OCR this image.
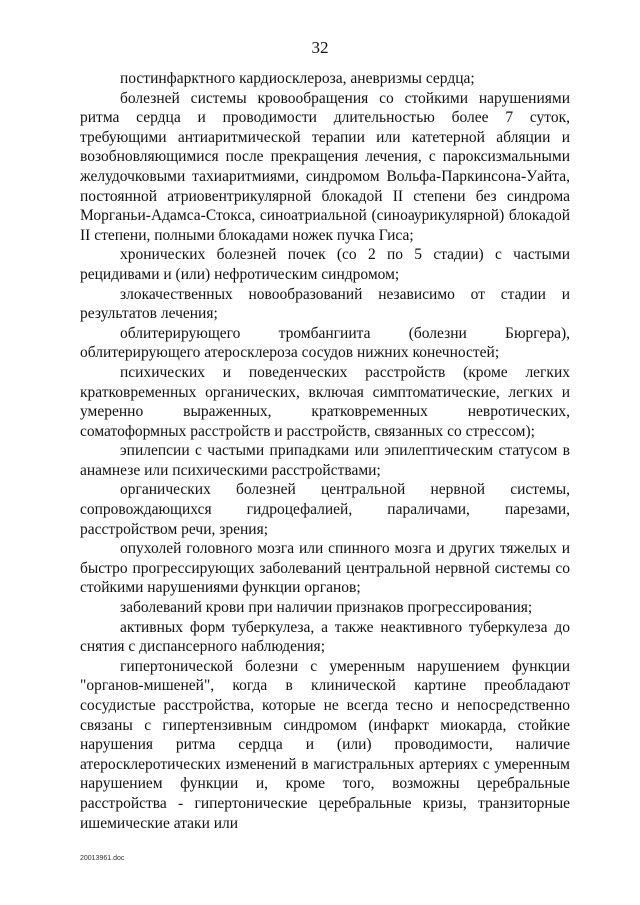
32

постинфарктного кардиосклероза, аневризмы сердца;

болезней системы кровообращения со стойкими нарушениями ритма сердца и проводимости длительностью более 7 суток, требующими антиаритмической терапии или катетерной абляции и возобновляющимися после прекращения лечения, с пароксизмальными желудочковыми тахиаритмиями, синдромом Вольфа-Паркинсона-Уайта, постоянной атриовентрикулярной блокадой II степени без синдрома Морганьи-Адамса-Стокса, синоатриальной (синоаурикулярной) блокадой II степени, полными блокадами ножек пучка Гиса;

хронических болезней почек (со 2 по 5 стадии) с частыми рецидивами и (или) нефротическим синдромом;

злокачественных новообразований независимо от стадии и результатов лечения;

облитерирующего тромбангиита (болезни Бюргера), облитерирующего атеросклероза сосудов нижних конечностей;

психических и поведенческих расстройств (кроме легких кратковременных органических, включая симптоматические, легких и умеренно выраженных, кратковременных невротических, соматоформных расстройств и расстройств, связанных со стрессом);

эпилепсии с частыми припадками или эпилептическим статусом в анамнезе или психическими расстройствами;

органических болезней центральной нервной системы, сопровождающихся гидроцефалией, параличами, парезами, расстройством речи, зрения;

опухолей головного мозга или спинного мозга и других тяжелых и быстро прогрессирующих заболеваний центральной нервной системы со стойкими нарушениями функции органов;

заболеваний крови при наличии признаков прогрессирования;

активных форм туберкулеза, а также неактивного туберкулеза до снятия с диспансерного наблюдения;

гипертонической болезни с умеренным нарушением функции "органов-мишеней", когда в клинической картине преобладают сосудистые расстройства, которые не всегда тесно и непосредственно связаны с гипертензивным синдромом (инфаркт миокарда, стойкие нарушения ритма сердца и (или) проводимости, наличие атеросклеротических изменений в магистральных артериях с умеренным нарушением функции и, кроме того, возможны церебральные расстройства - гипертонические церебральные кризы, транзиторные ишемические атаки или

20013961.doc
